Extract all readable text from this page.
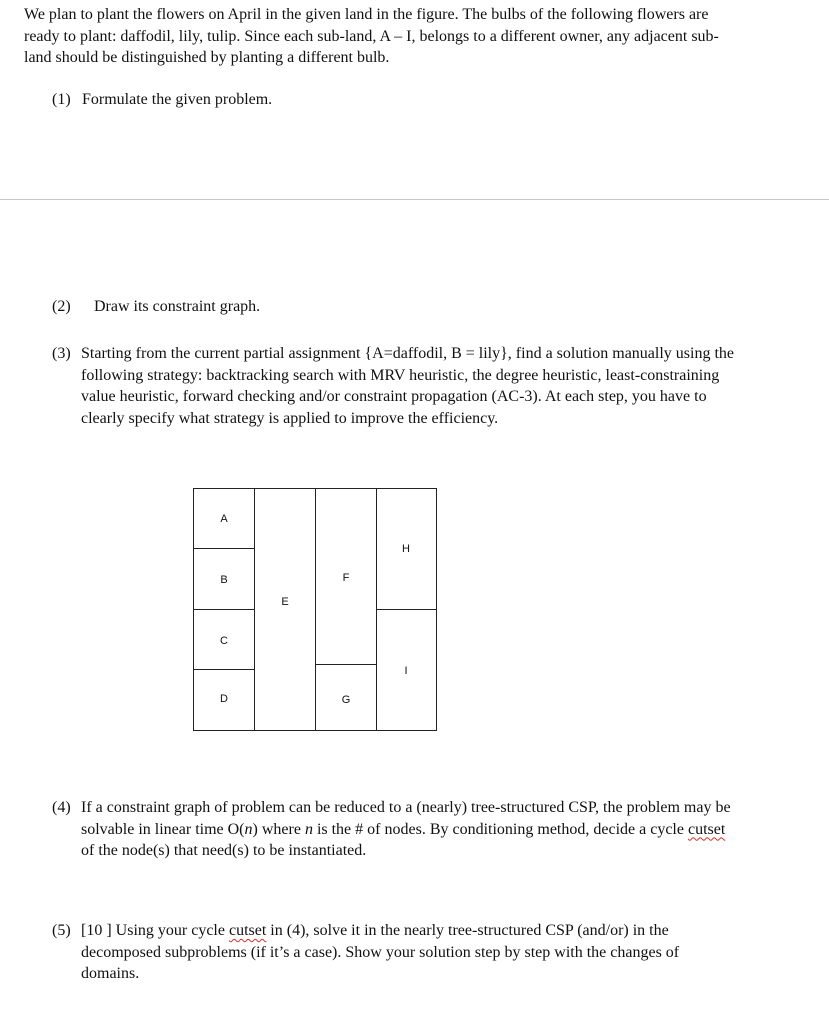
We plan to plant the flowers on April in the given land in the figure. The bulbs of the following flowers are
ready to plant: daffodil, lily, tulip. Since each sub-land, A – I, belongs to a different owner, any adjacent sub-
land should be distinguished by planting a different bulb.
(1) Formulate the given problem.
(2) Draw its constraint graph.
(3) Starting from the current partial assignment {A=daffodil, B = lily}, find a solution manually using the
following strategy: backtracking search with MRV heuristic, the degree heuristic, least-constraining
value heuristic, forward checking and/or constraint propagation (AC-3). At each step, you have to
clearly specify what strategy is applied to improve the efficiency.
A
B
C
D
E
F
G
H
I
(4) If a constraint graph of problem can be reduced to a (nearly) tree-structured CSP, the problem may be
solvable in linear time O(n) where n is the # of nodes. By conditioning method, decide a cycle cutset
of the node(s) that need(s) to be instantiated.
(5) [10 ] Using your cycle cutset in (4), solve it in the nearly tree-structured CSP (and/or) in the
decomposed subproblems (if it’s a case). Show your solution step by step with the changes of
domains.
